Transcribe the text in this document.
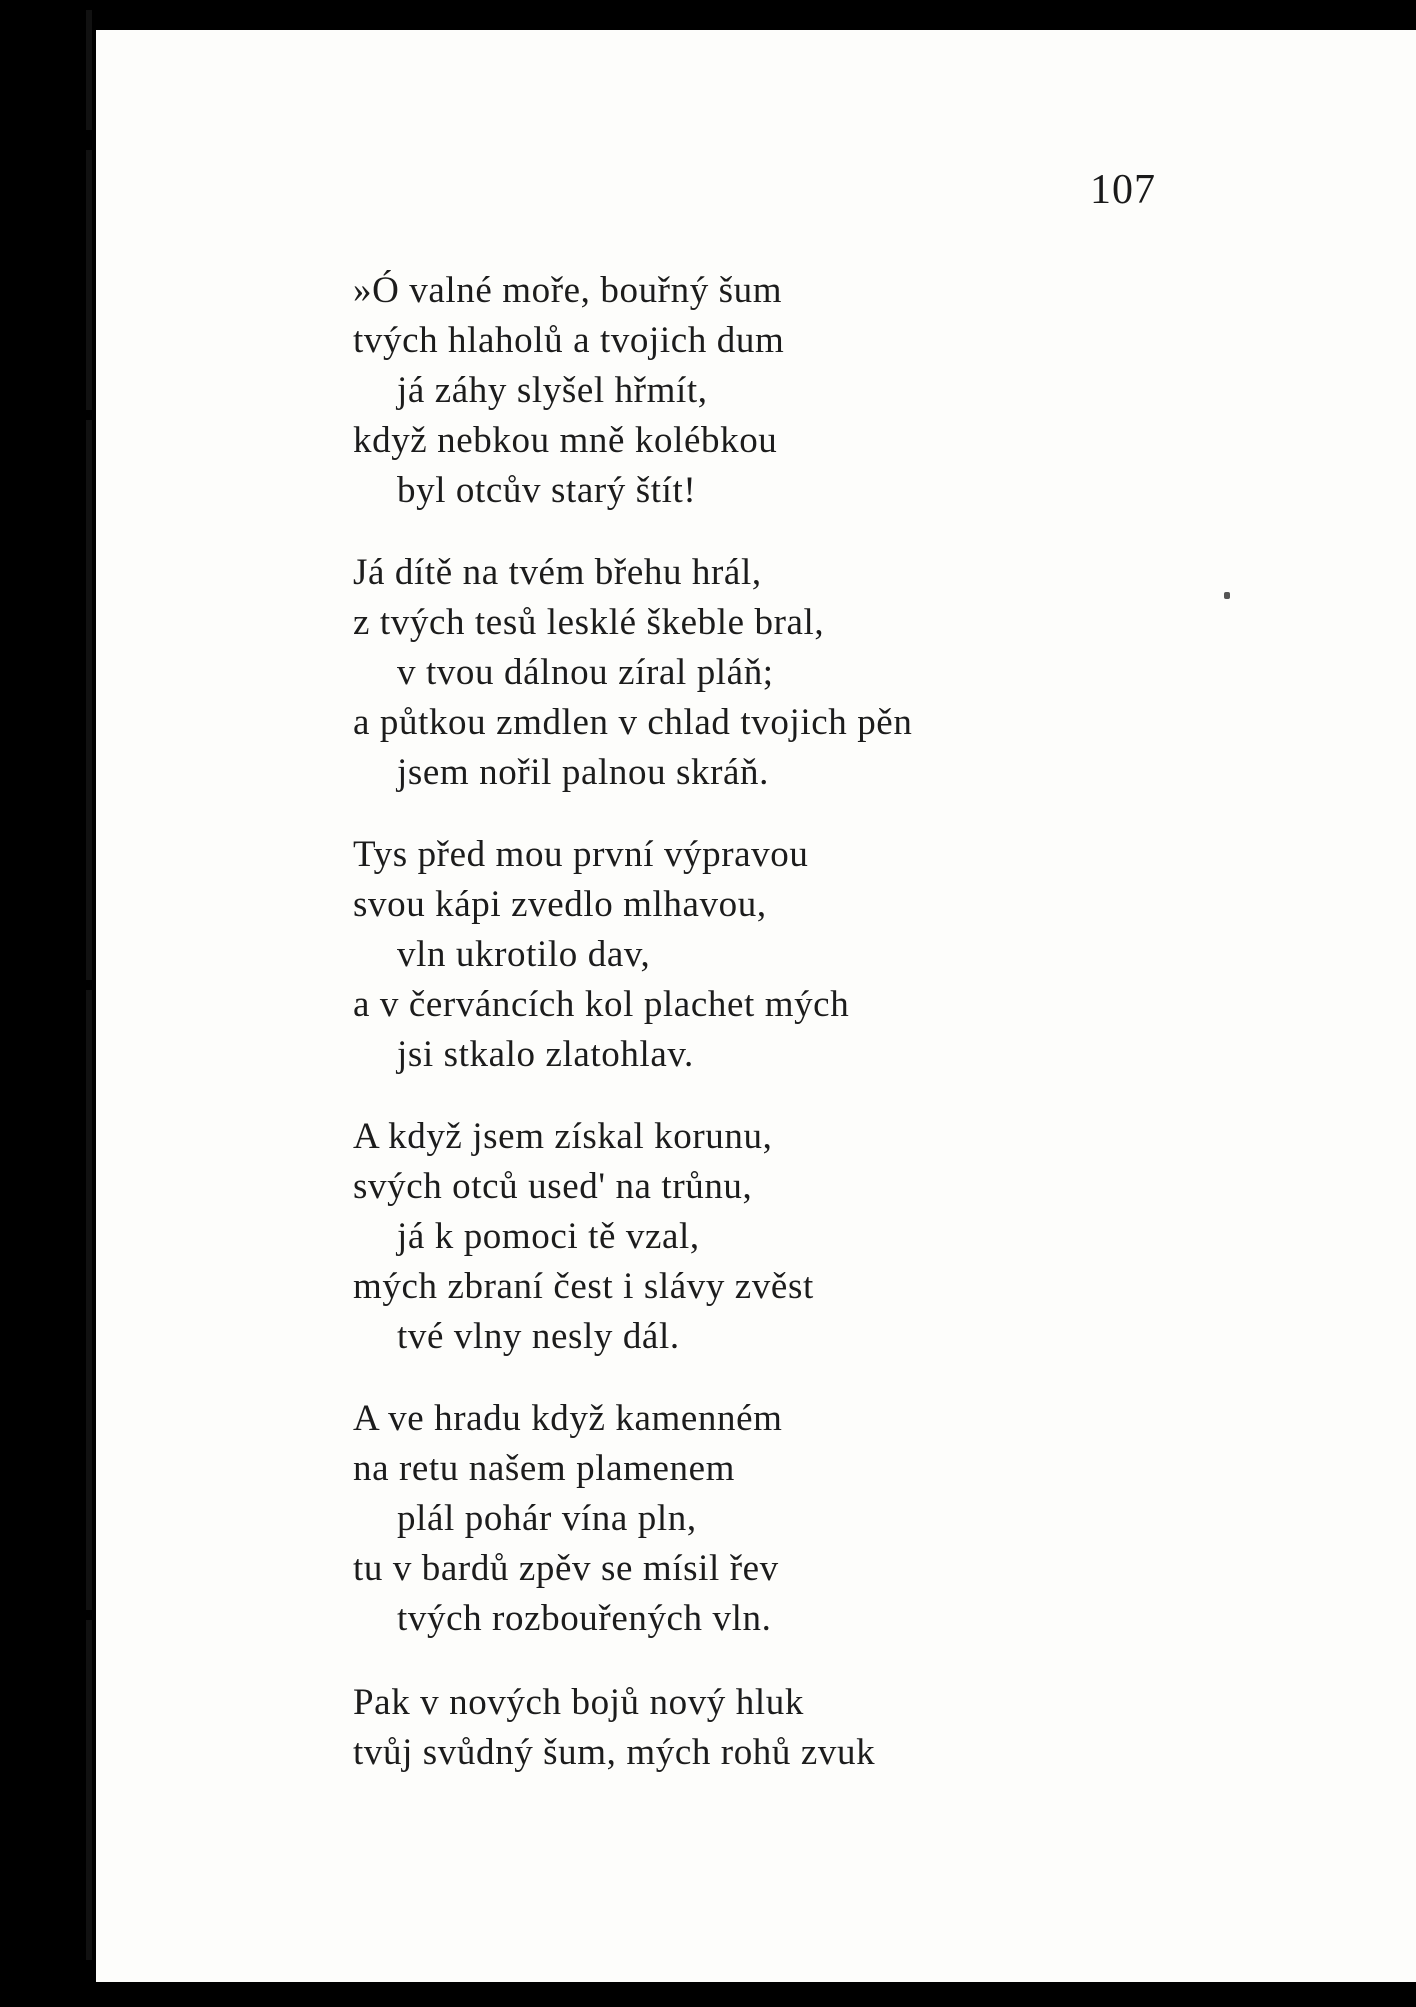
107
»Ó valné moře, bouřný šum
tvých hlaholů a tvojich dum
já záhy slyšel hřmít,
když nebkou mně kolébkou
byl otcův starý štít!
Já dítě na tvém břehu hrál,
z tvých tesů lesklé škeble bral,
v tvou dálnou zíral pláň;
a půtkou zmdlen v chlad tvojich pěn
jsem nořil palnou skráň.
Tys před mou první výpravou
svou kápi zvedlo mlhavou,
vln ukrotilo dav,
a v červáncích kol plachet mých
jsi stkalo zlatohlav.
A když jsem získal korunu,
svých otců used' na trůnu,
já k pomoci tě vzal,
mých zbraní čest i slávy zvěst
tvé vlny nesly dál.
A ve hradu když kamenném
na retu našem plamenem
plál pohár vína pln,
tu v bardů zpěv se mísil řev
tvých rozbouřených vln.
Pak v nových bojů nový hluk
tvůj svůdný šum, mých rohů zvuk
